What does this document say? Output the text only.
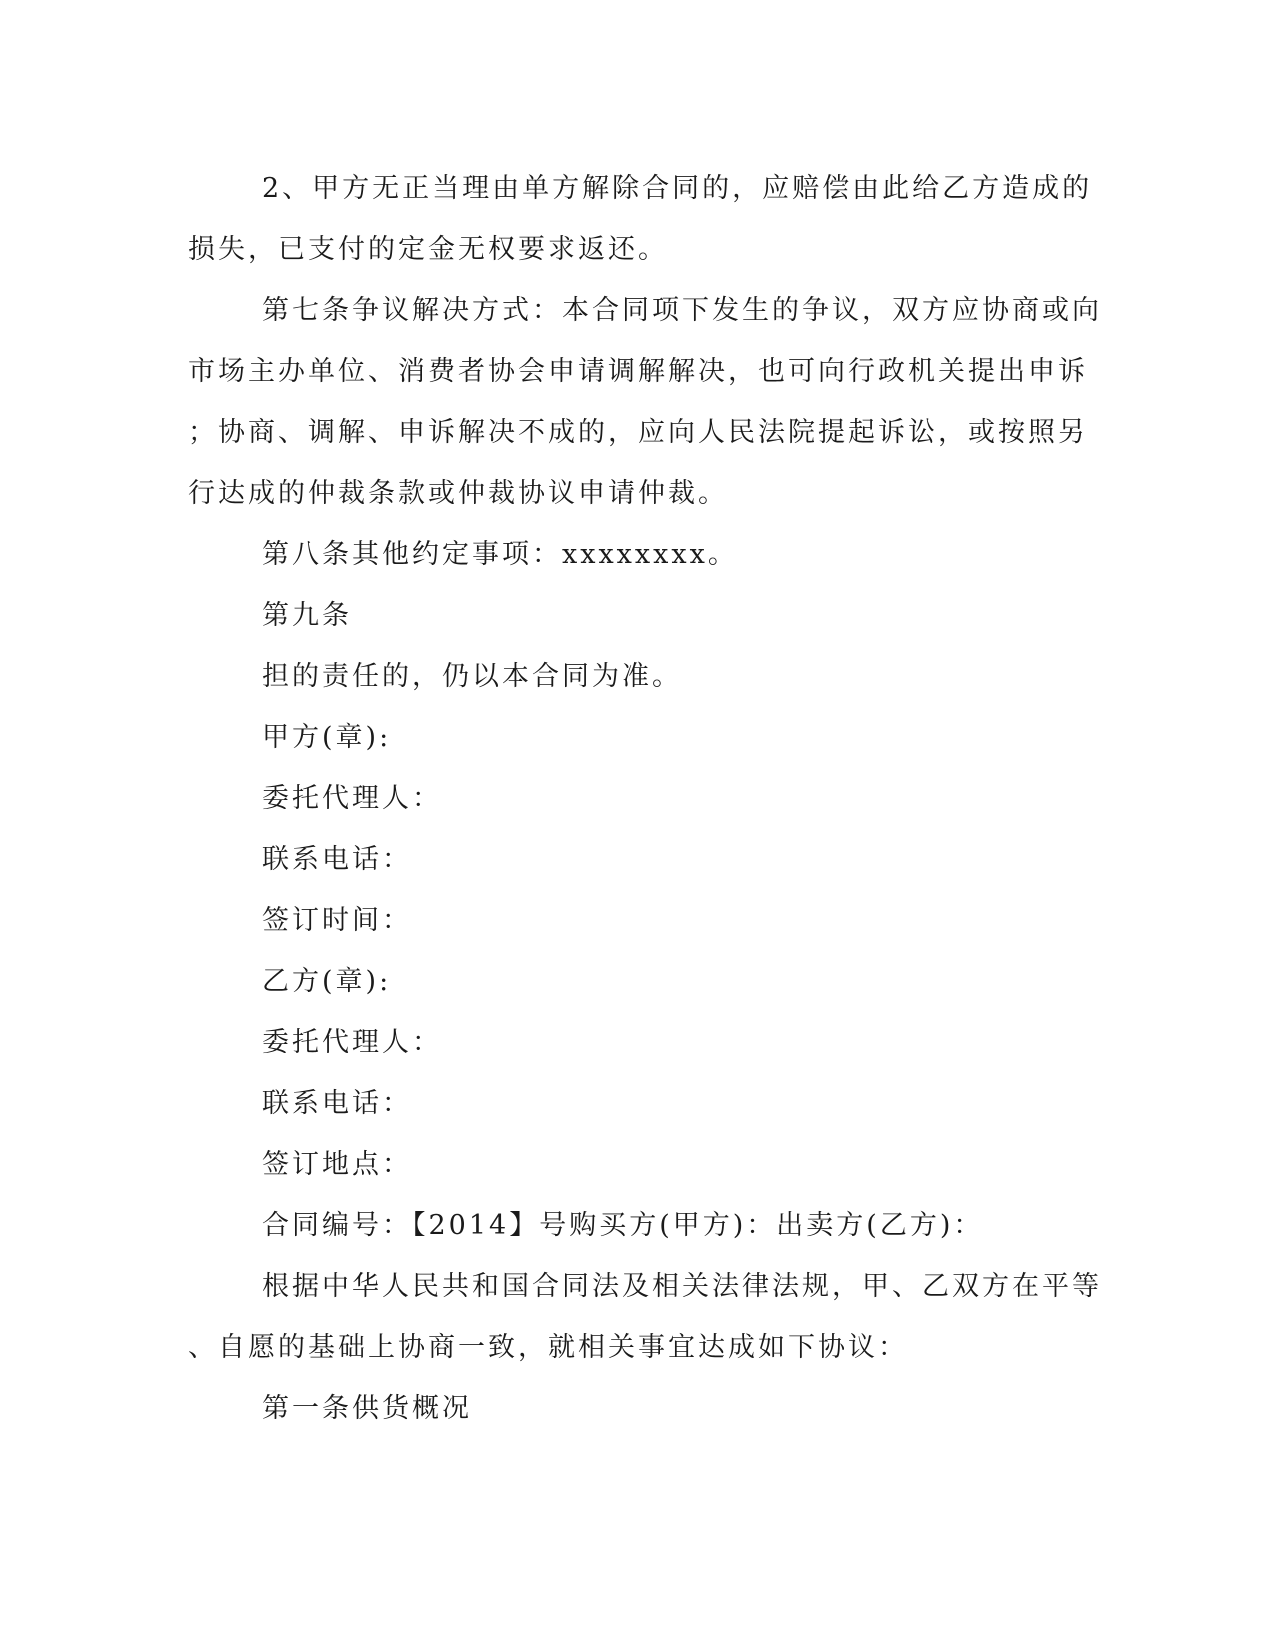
2、甲方无正当理由单方解除合同的，应赔偿由此给乙方造成的
损失，已支付的定金无权要求返还。

第七条争议解决方式：本合同项下发生的争议，双方应协商或向
市场主办单位、消费者协会申请调解解决，也可向行政机关提出申诉
；协商、调解、申诉解决不成的，应向人民法院提起诉讼，或按照另
行达成的仲裁条款或仲裁协议申请仲裁。

第八条其他约定事项：xxxxxxxx。

第九条

担的责任的，仍以本合同为准。

甲方(章):

委托代理人：

联系电话：

签订时间：

乙方(章):

委托代理人：

联系电话：

签订地点：

合同编号：【2014】号购买方(甲方)：出卖方(乙方)：

根据中华人民共和国合同法及相关法律法规，甲、乙双方在平等
、自愿的基础上协商一致，就相关事宜达成如下协议：

第一条供货概况
